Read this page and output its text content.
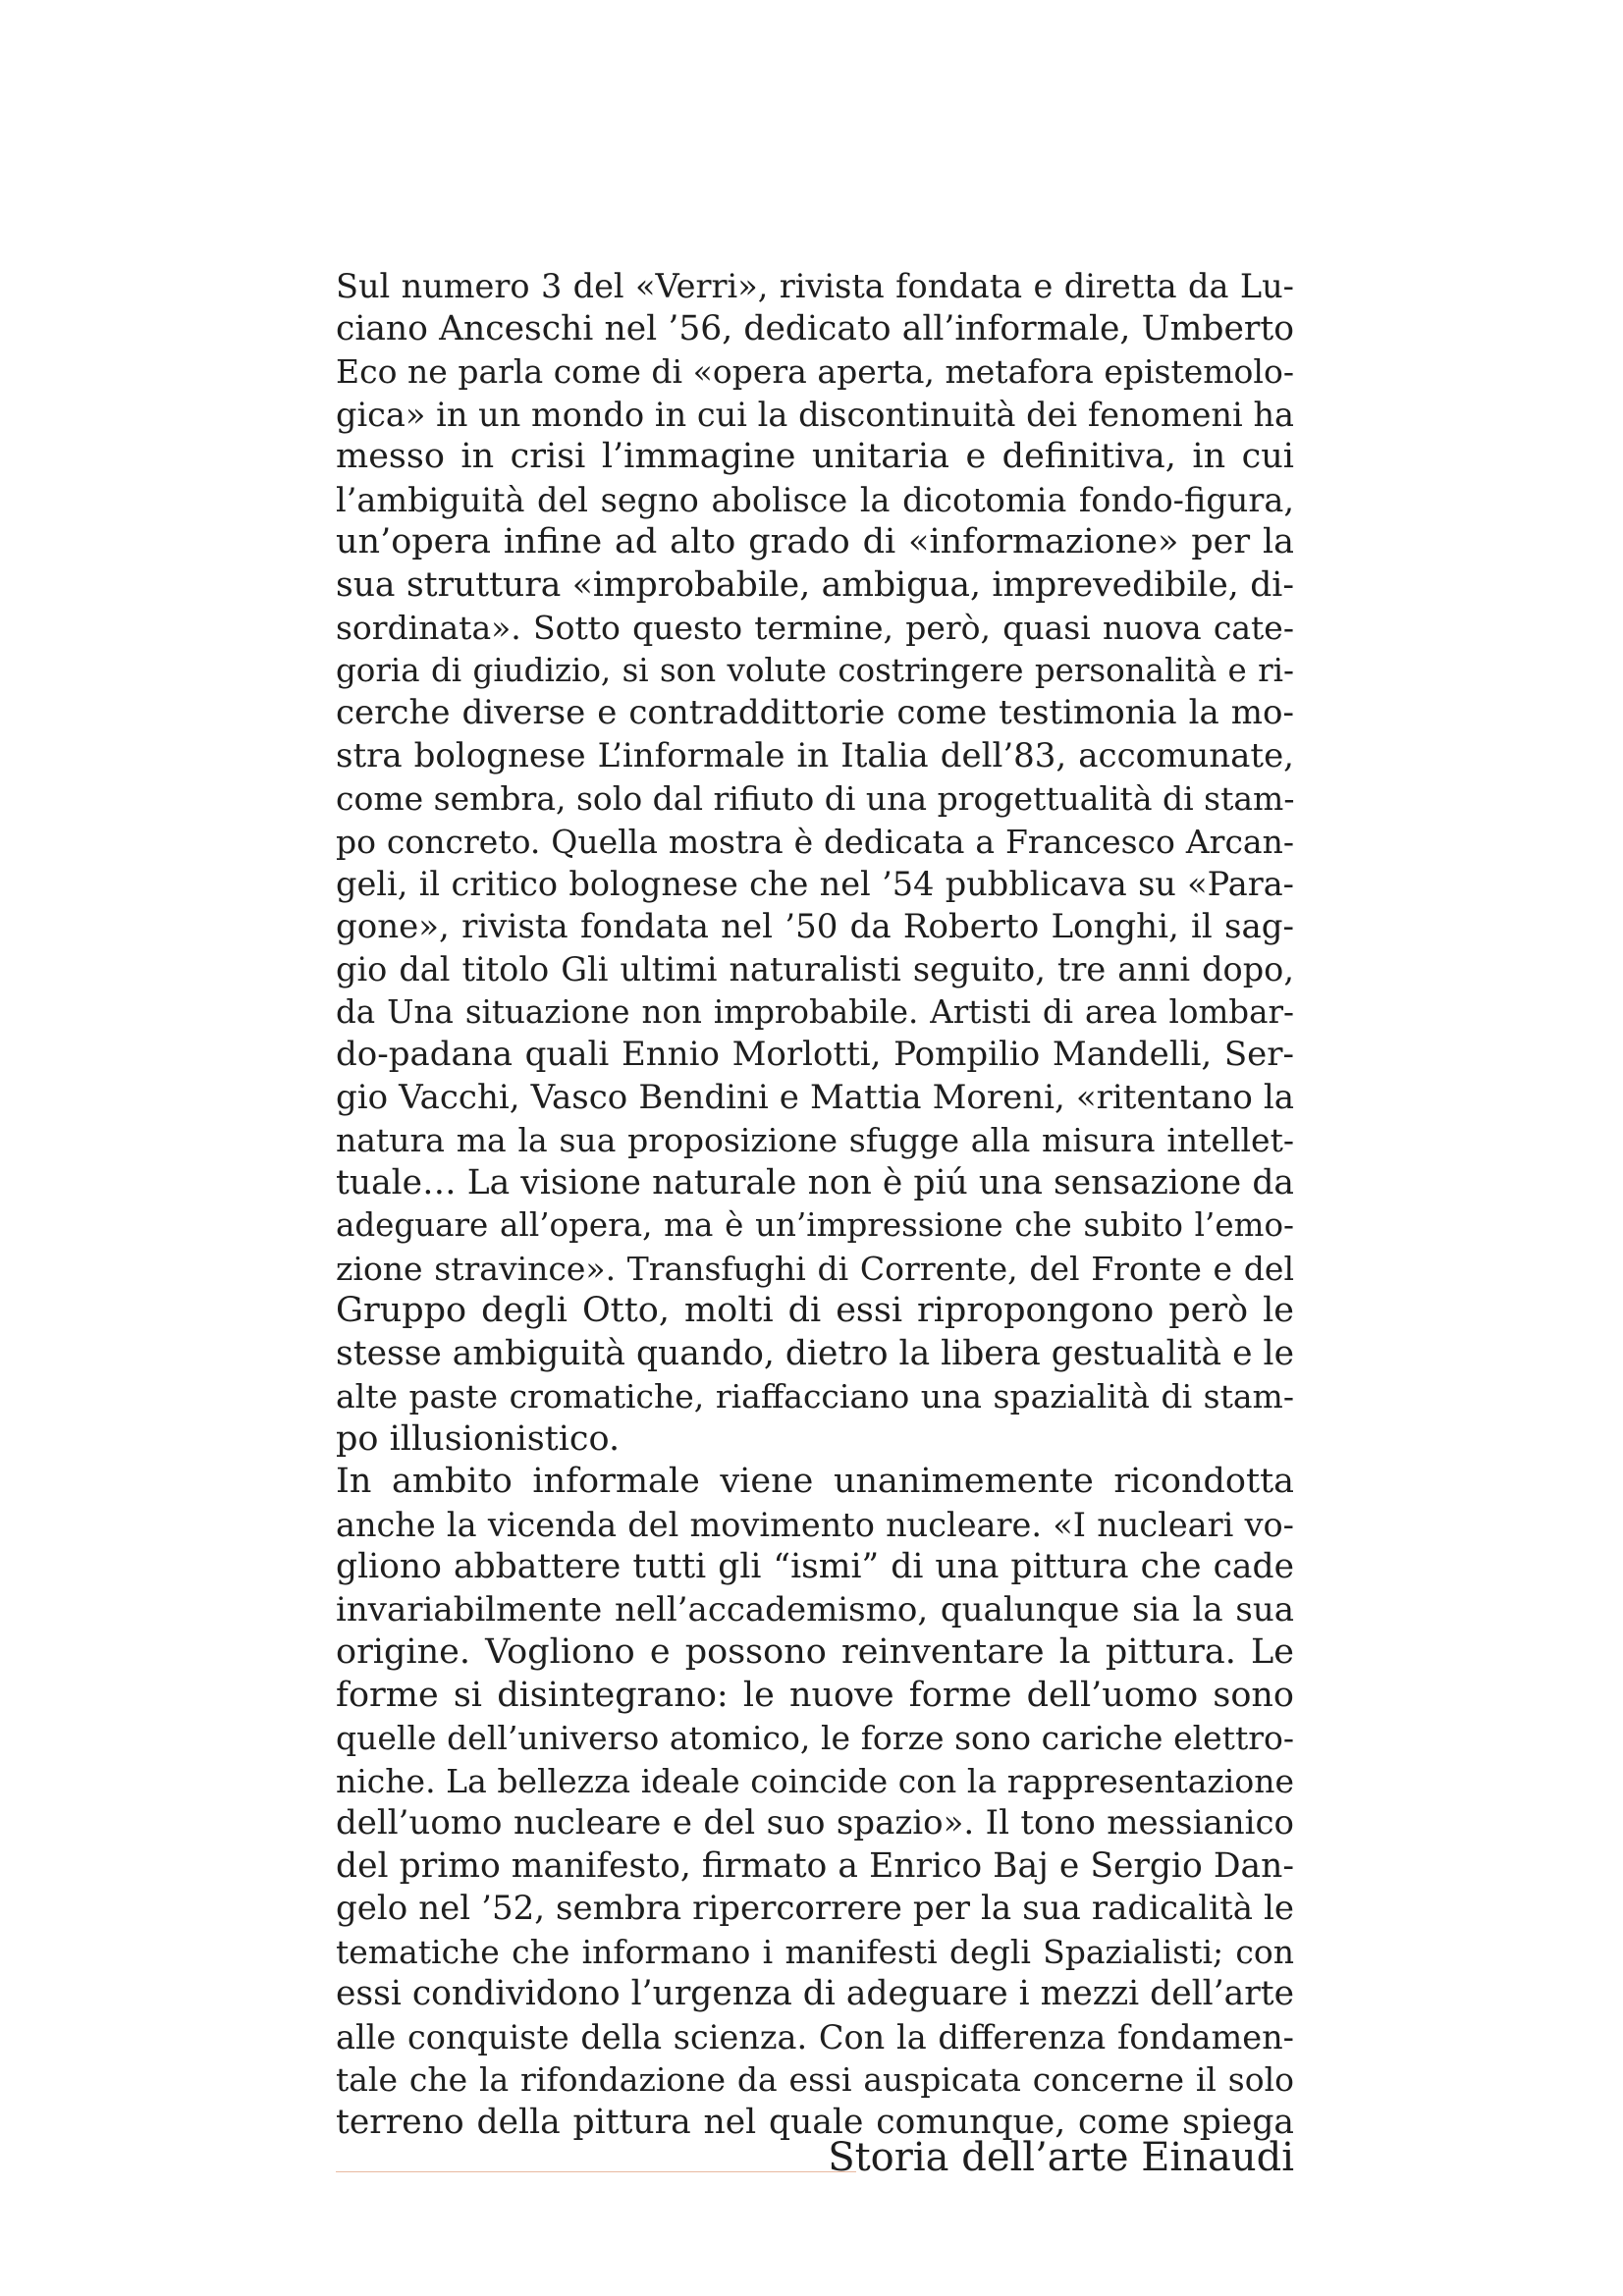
Sul numero 3 del «Verri», rivista fondata e diretta da Lu-
ciano Anceschi nel ’56, dedicato all’informale, Umberto
Eco ne parla come di «opera aperta, metafora epistemolo-
gica» in un mondo in cui la discontinuità dei fenomeni ha
messo in crisi l’immagine unitaria e definitiva, in cui
l’ambiguità del segno abolisce la dicotomia fondo-figura,
un’opera infine ad alto grado di «informazione» per la
sua struttura «improbabile, ambigua, imprevedibile, di-
sordinata». Sotto questo termine, però, quasi nuova cate-
goria di giudizio, si son volute costringere personalità e ri-
cerche diverse e contraddittorie come testimonia la mo-
stra bolognese L’informale in Italia dell’83, accomunate,
come sembra, solo dal rifiuto di una progettualità di stam-
po concreto. Quella mostra è dedicata a Francesco Arcan-
geli, il critico bolognese che nel ’54 pubblicava su «Para-
gone», rivista fondata nel ’50 da Roberto Longhi, il sag-
gio dal titolo Gli ultimi naturalisti seguito, tre anni dopo,
da Una situazione non improbabile. Artisti di area lombar-
do-padana quali Ennio Morlotti, Pompilio Mandelli, Ser-
gio Vacchi, Vasco Bendini e Mattia Moreni, «ritentano la
natura ma la sua proposizione sfugge alla misura intellet-
tuale… La visione naturale non è piú una sensazione da
adeguare all’opera, ma è un’impressione che subito l’emo-
zione stravince». Transfughi di Corrente, del Fronte e del
Gruppo degli Otto, molti di essi ripropongono però le
stesse ambiguità quando, dietro la libera gestualità e le
alte paste cromatiche, riaffacciano una spazialità di stam-
po illusionistico.
In ambito informale viene unanimemente ricondotta
anche la vicenda del movimento nucleare. «I nucleari vo-
gliono abbattere tutti gli “ismi” di una pittura che cade
invariabilmente nell’accademismo, qualunque sia la sua
origine. Vogliono e possono reinventare la pittura. Le
forme si disintegrano: le nuove forme dell’uomo sono
quelle dell’universo atomico, le forze sono cariche elettro-
niche. La bellezza ideale coincide con la rappresentazione
dell’uomo nucleare e del suo spazio». Il tono messianico
del primo manifesto, firmato a Enrico Baj e Sergio Dan-
gelo nel ’52, sembra ripercorrere per la sua radicalità le
tematiche che informano i manifesti degli Spazialisti; con
essi condividono l’urgenza di adeguare i mezzi dell’arte
alle conquiste della scienza. Con la differenza fondamen-
tale che la rifondazione da essi auspicata concerne il solo
terreno della pittura nel quale comunque, come spiega
Storia dell’arte Einaudi
